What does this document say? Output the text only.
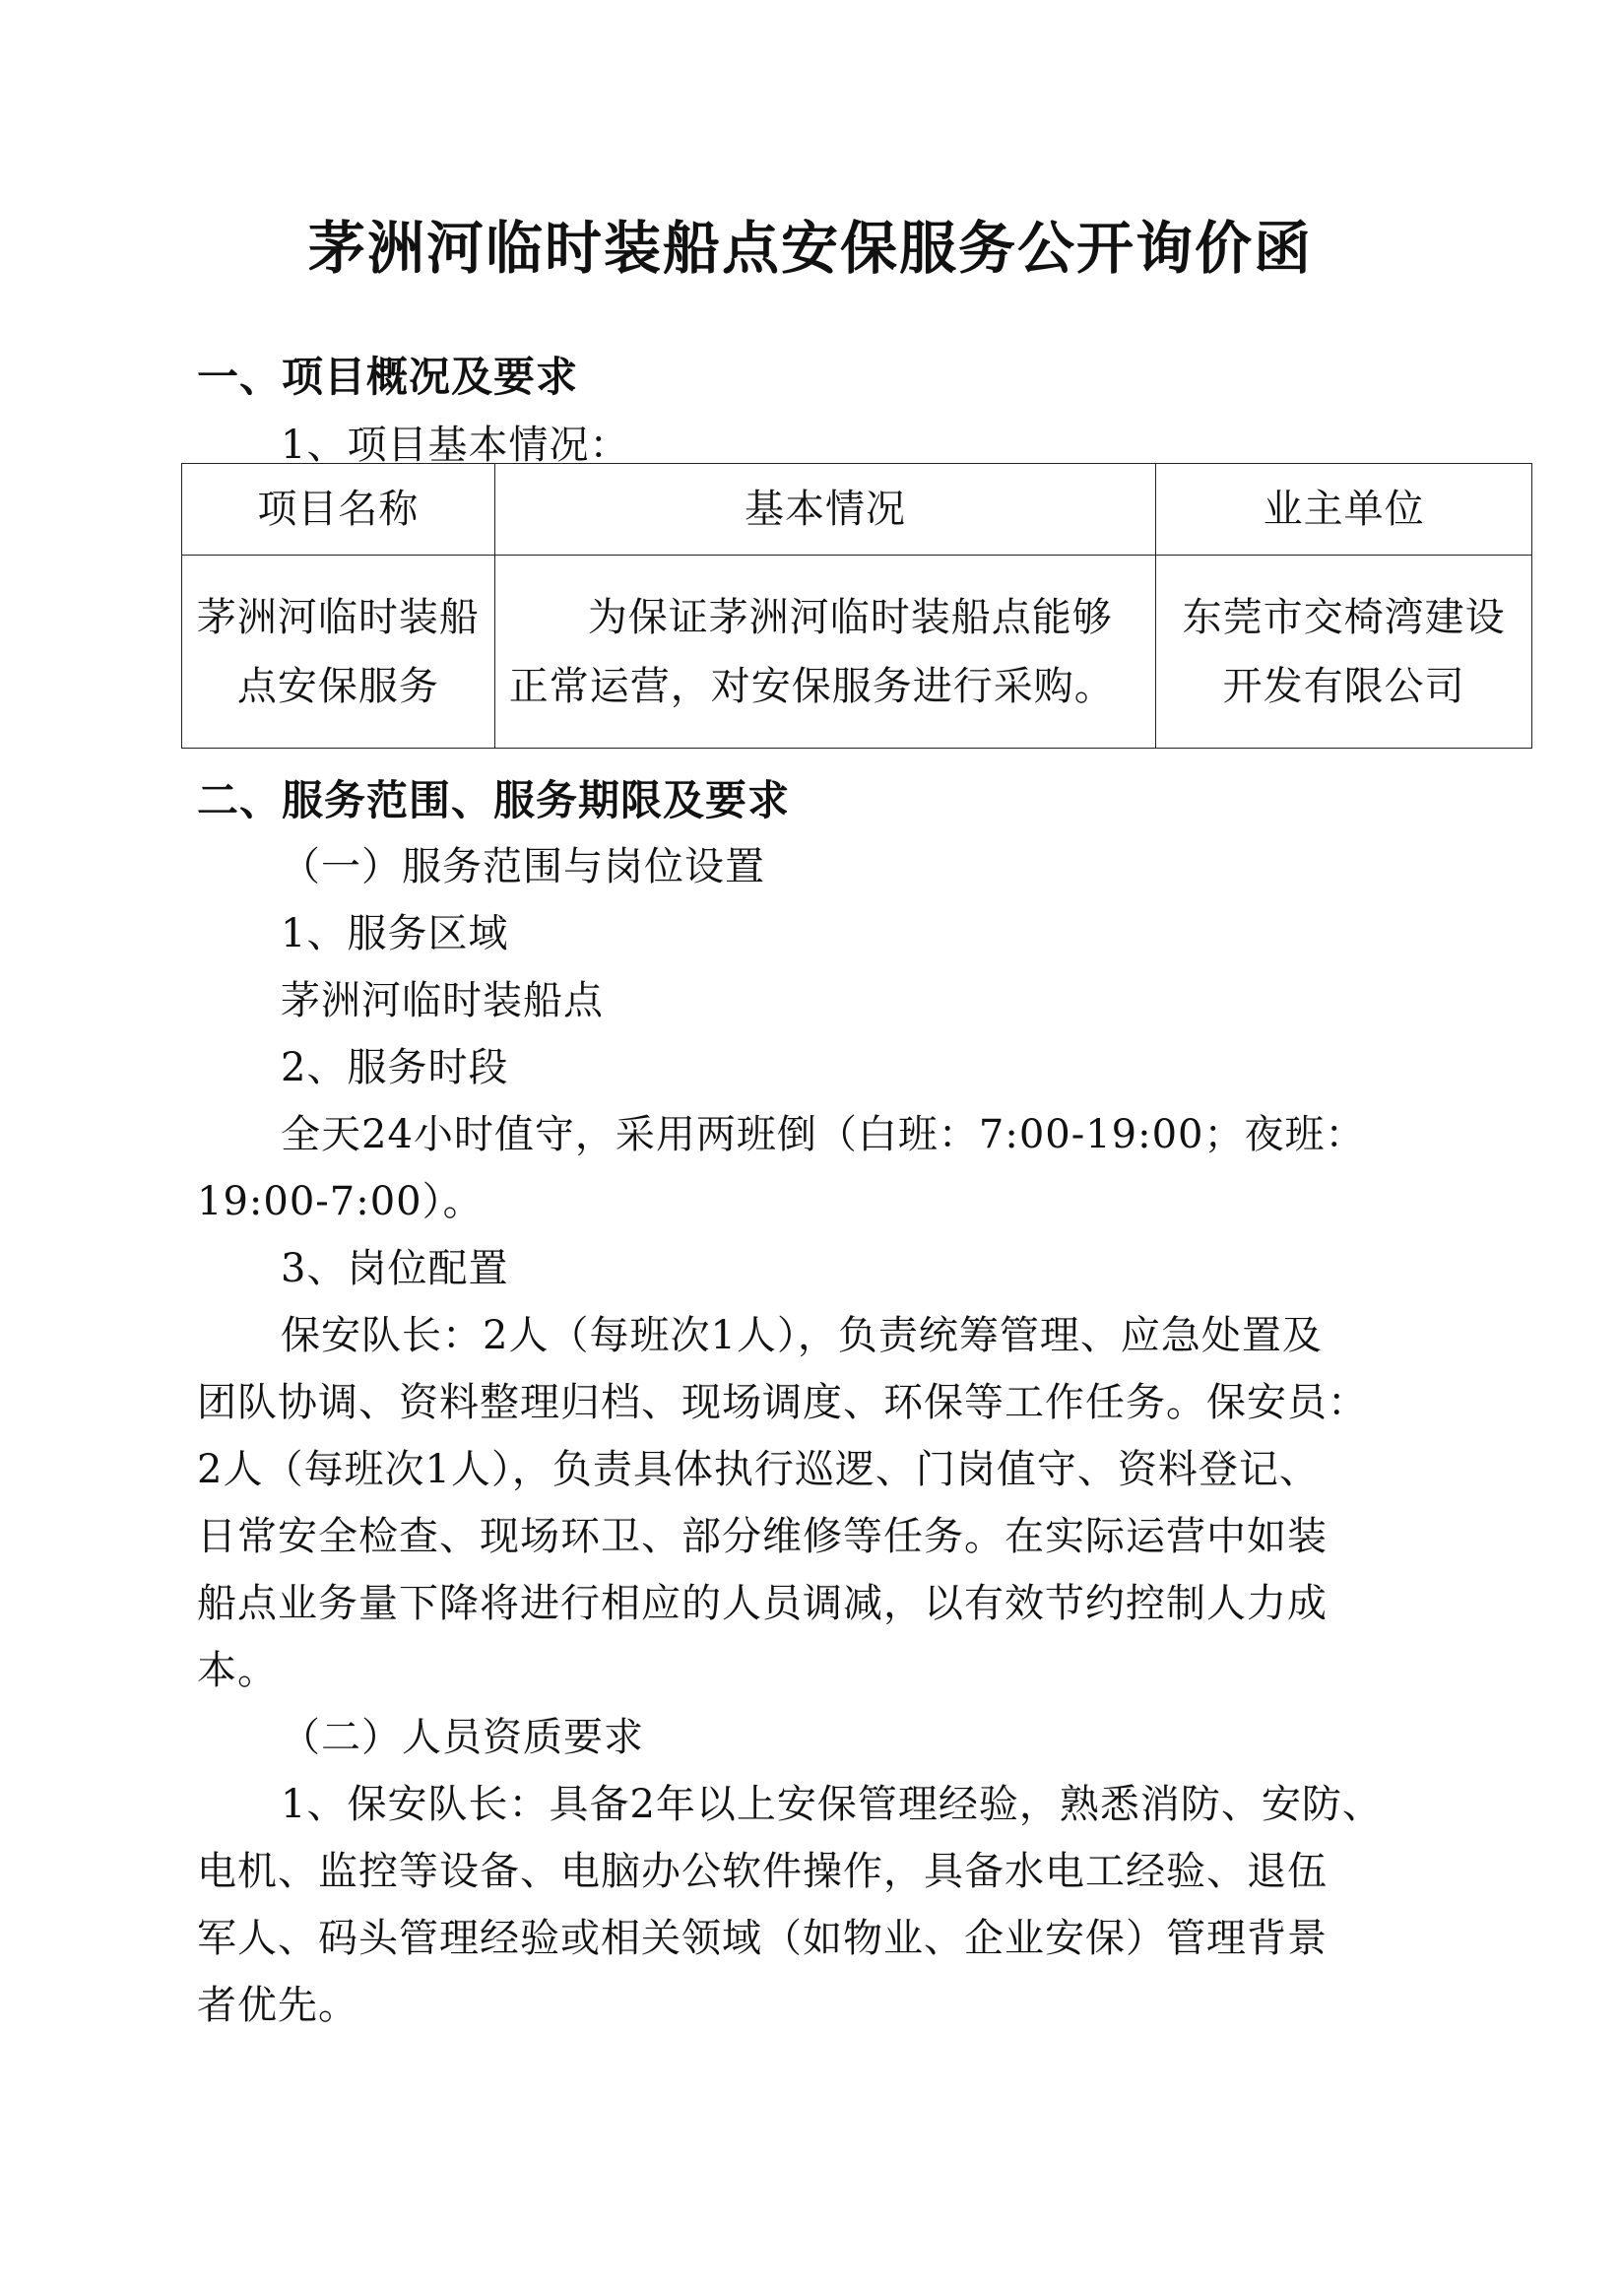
茅洲河临时装船点安保服务公开询价函
一、项目概况及要求
1、项目基本情况：
项目名称	基本情况	业主单位
茅洲河临时装船点安保服务	为保证茅洲河临时装船点能够正常运营，对安保服务进行采购。	东莞市交椅湾建设开发有限公司
二、服务范围、服务期限及要求
（一）服务范围与岗位设置
1、服务区域
茅洲河临时装船点
2、服务时段
全天24小时值守，采用两班倒（白班：7:00-19:00；夜班：
19:00-7:00）。
3、岗位配置
保安队长：2人（每班次1人），负责统筹管理、应急处置及
团队协调、资料整理归档、现场调度、环保等工作任务。保安员：
2人（每班次1人），负责具体执行巡逻、门岗值守、资料登记、
日常安全检查、现场环卫、部分维修等任务。在实际运营中如装
船点业务量下降将进行相应的人员调减，以有效节约控制人力成
本。
（二）人员资质要求
1、保安队长：具备2年以上安保管理经验，熟悉消防、安防、
电机、监控等设备、电脑办公软件操作，具备水电工经验、退伍
军人、码头管理经验或相关领域（如物业、企业安保）管理背景
者优先。
